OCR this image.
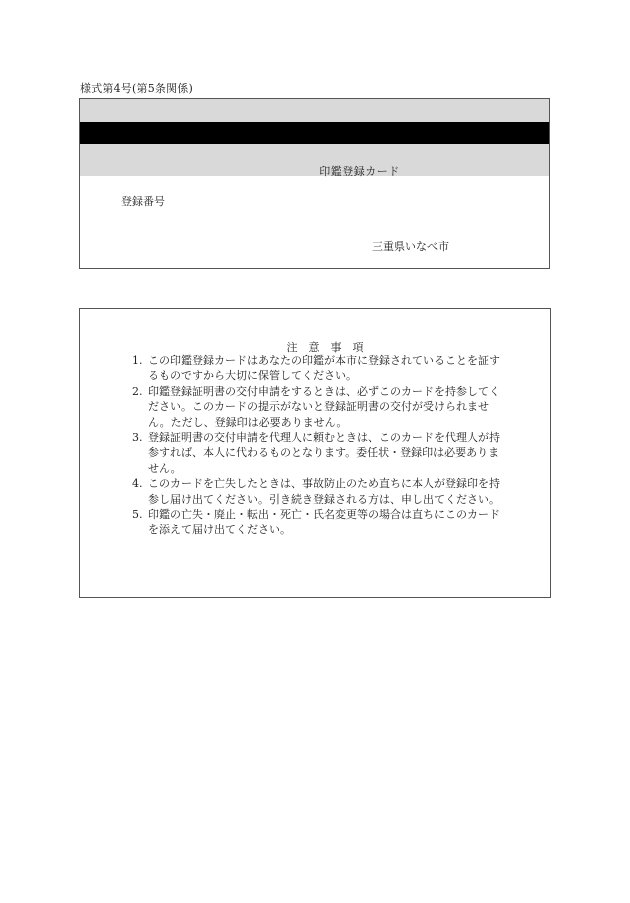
様式第4号(第5条関係)
印鑑登録カード
登録番号
三重県いなべ市
注　意　事　項
1. この印鑑登録カードはあなたの印鑑が本市に登録されていることを証するものですから大切に保管してください。
2. 印鑑登録証明書の交付申請をするときは、必ずこのカードを持参してください。このカードの提示がないと登録証明書の交付が受けられません。ただし、登録印は必要ありません。
3. 登録証明書の交付申請を代理人に頼むときは、このカードを代理人が持参すれば、本人に代わるものとなります。委任状・登録印は必要ありません。
4. このカードを亡失したときは、事故防止のため直ちに本人が登録印を持参し届け出てください。引き続き登録される方は、申し出てください。
5. 印鑑の亡失・廃止・転出・死亡・氏名変更等の場合は直ちにこのカードを添えて届け出てください。
